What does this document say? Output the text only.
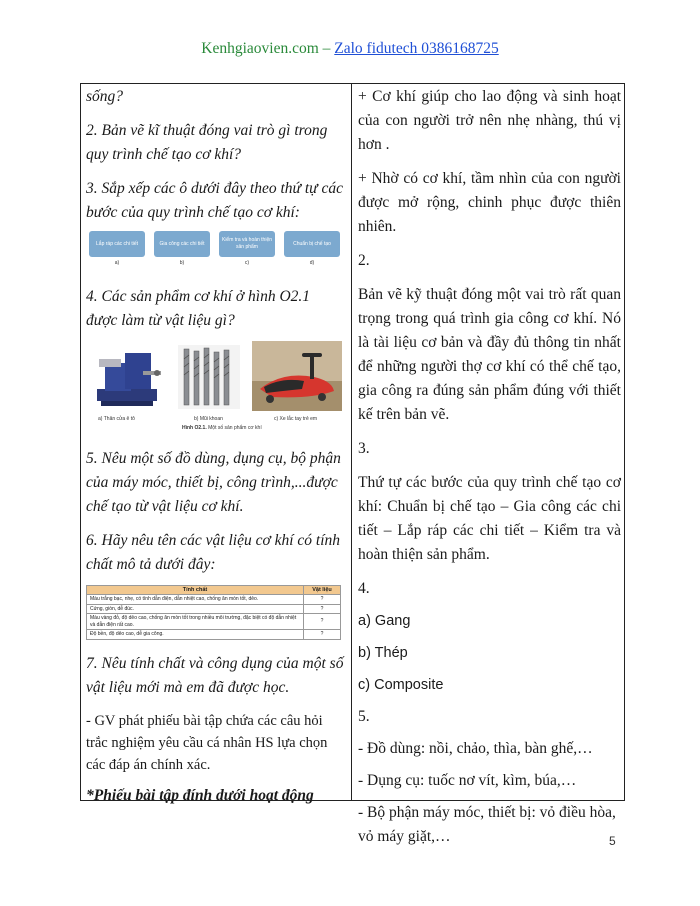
Kenhgiaovien.com – Zalo fidutech 0386168725

sống?

2. Bản vẽ kĩ thuật đóng vai trò gì trong quy trình chế tạo cơ khí?

3. Sắp xếp các ô dưới đây theo thứ tự các bước của quy trình chế tạo cơ khí:

Lắp ráp các chi tiết	Gia công các chi tiết
Kiểm tra và hoàn thiện sản phẩm
Chuẩn bị chế tạo
a)	b)	c)	d)

4. Các sản phẩm cơ khí ở hình O2.1 được làm từ vật liệu gì?

a) Thân cửa ê tô	b) Mũi khoan	c) Xe lắc tay trẻ em
Hình O2.1. Một số sản phẩm cơ khí

5. Nêu một số đồ dùng, dụng cụ, bộ phận của máy móc, thiết bị, công trình,...được chế tạo từ vật liệu cơ khí.

6. Hãy nêu tên các vật liệu cơ khí có tính chất mô tả dưới đây:

Tính chất	Vật liệu
Màu trắng bạc, nhẹ, có tính dẫn điện, dẫn nhiệt cao, chống ăn mòn tốt, dẻo.	?
Cứng, giòn, dễ đúc.	?
Màu vàng đỏ, độ dẻo cao, chống ăn mòn tốt trong nhiều môi trường, đặc biệt có độ dẫn nhiệt và dẫn điện rất cao.	?
Độ bền, độ dẻo cao, dễ gia công.	?

7. Nêu tính chất và công dụng của một số vật liệu mới mà em đã được học.

- GV phát phiếu bài tập chứa các câu hỏi trắc nghiệm yêu cầu cá nhân HS lựa chọn các đáp án chính xác.

*Phiếu bài tập đính dưới hoạt động

+ Cơ khí giúp cho lao động và sinh hoạt của con người trở nên nhẹ nhàng, thú vị hơn .

+ Nhờ có cơ khí, tầm nhìn của con người được mở rộng, chinh phục được thiên nhiên.

2.

Bản vẽ kỹ thuật đóng một vai trò rất quan trọng trong quá trình gia công cơ khí. Nó là tài liệu cơ bản và đầy đủ thông tin nhất để những người thợ cơ khí có thể chế tạo, gia công ra đúng sản phẩm đúng với thiết kế trên bản vẽ.

3.

Thứ tự các bước của quy trình chế tạo cơ khí: Chuẩn bị chế tạo – Gia công các chi tiết – Lắp ráp các chi tiết – Kiểm tra và hoàn thiện sản phẩm.

4.

a) Gang

b) Thép

c) Composite

5.

- Đồ dùng: nồi, chảo, thìa, bàn ghế,…

- Dụng cụ: tuốc nơ vít, kìm, búa,…

- Bộ phận máy móc, thiết bị: vỏ điều hòa, vỏ máy giặt,…	5
